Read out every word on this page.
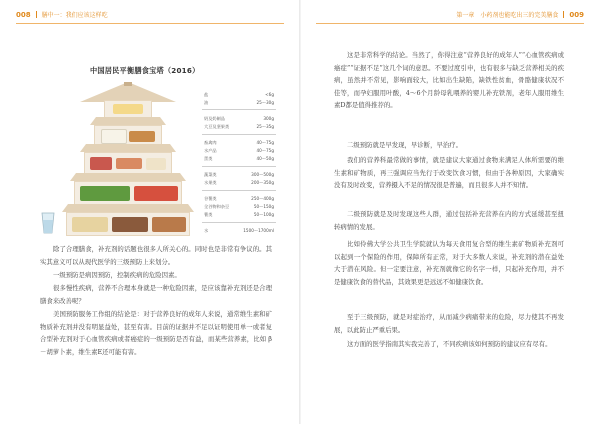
008 膳中一：我们应该这样吃
中国居民平衡膳食宝塔（2016）
盐	<6g
油	25～30g
奶及奶制品	300g
大豆及坚果类	25～35g
畜禽肉	40～75g
水产品	40～75g
蛋类	40～50g
蔬菜类	300～500g
水果类	200～350g
谷薯类	250～400g
全谷物和杂豆	50～150g
薯类	50～100g
水	1500～1700ml
除了合理膳食，补充剂的话题也很多人所关心的。同时也是非常有争议的。其实其意义可以从现代医学的三级预防上来划分。
一级预防是病因预防，控制疾病的危险因素。
很多慢性疾病，营养不合理本身就是一种危险因素，是应该靠补充剂还是合理膳食来改善呢？
美国预防服务工作组的结论是：对于营养良好的成年人来说，通常维生素和矿物质补充剂并没有明显益处，甚至有害。目前的证据并不足以证明使用单一或者复合型补充剂对于心血管疾病或者癌症的一级预防是否有益，而某些营养素，比如 β－胡萝卜素，维生素E还可能有害。
第一章　小药剂也能吃出三的完美膳食 009
这是非常科学的结论。当然了，你得注意“营养良好的成年人”“心血管疾病或癌症”“证据不足”这几个词的意思。不要过度引申，也有很多与缺乏营养相关的疾病，虽然并不常见，影响面较大，比如出生缺陷，缺铁性贫血，骨骼健康状况不佳等，而孕妇服用叶酸，4～6个月龄母乳喂养的婴儿补充铁剂，老年人服用维生素D都是值得推荐的。
二级预防就是早发现，早诊断，早治疗。
我们的营养科最常做的事情，就是建议大家通过食物来满足人体所需要的维生素和矿物质，再三强调应当先行于改变饮食习惯，但由于各种原因，大家确实没有及时改变，营养摄入不足的情况很是普遍，而且很多人并不知情。
二级预防就是及时发现这些人群，通过包括补充营养在内的方式延缓甚至扭转病情的发展。
比如伶佛大学公共卫生学院就认为每天食用复合型的维生素矿物质补充剂可以起到一个保险的作用，保障所有正常，对于大多数人来说，补充剂的潜在益处大于潜在风险。但一定要注意，补充剂就像它的名字一样，只起补充作用，并不是健康饮食的替代品，其效果更是远远不如健康饮食。
至于三级预防，就是对症治疗，从而减少病痛带来的危险，尽力使其不再发展，以此防止严重后果。
这方面的医学指南其实我完善了，不同疾病该如何预防的建议应有尽有。
